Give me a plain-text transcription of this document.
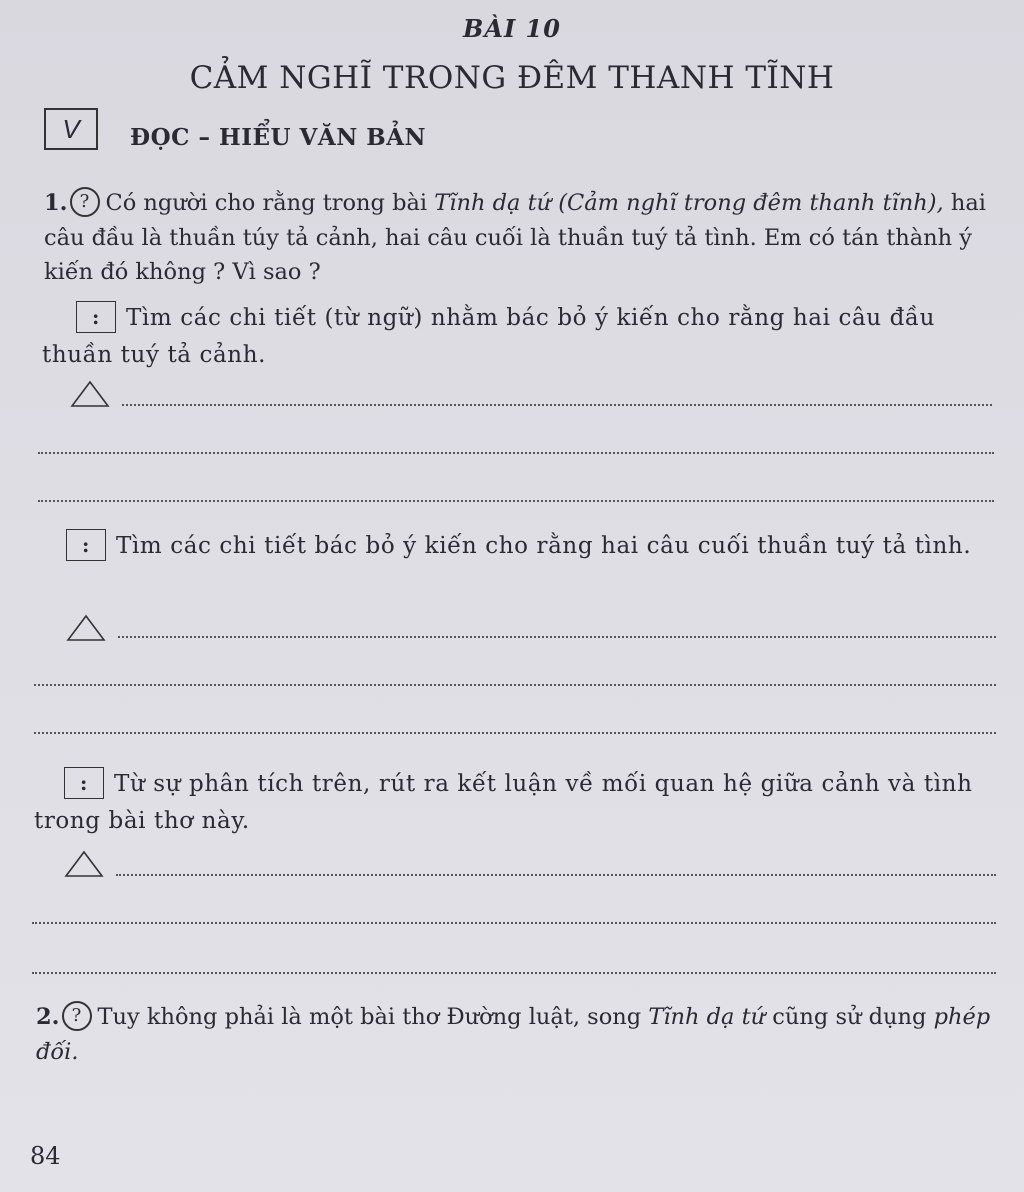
BÀI 10
CẢM NGHĨ TRONG ĐÊM THANH TĨNH
V	ĐỌC – HIỂU VĂN BẢN
1. ? Có người cho rằng trong bài Tĩnh dạ tứ (Cảm nghĩ trong đêm thanh tĩnh), hai câu đầu là thuần túy tả cảnh, hai câu cuối là thuần tuý tả tình. Em có tán thành ý kiến đó không ? Vì sao ?
: Tìm các chi tiết (từ ngữ) nhằm bác bỏ ý kiến cho rằng hai câu đầu thuần tuý tả cảnh.
: Tìm các chi tiết bác bỏ ý kiến cho rằng hai câu cuối thuần tuý tả tình.
: Từ sự phân tích trên, rút ra kết luận về mối quan hệ giữa cảnh và tình trong bài thơ này.
2. ? Tuy không phải là một bài thơ Đường luật, song Tĩnh dạ tứ cũng sử dụng phép đối.
84
